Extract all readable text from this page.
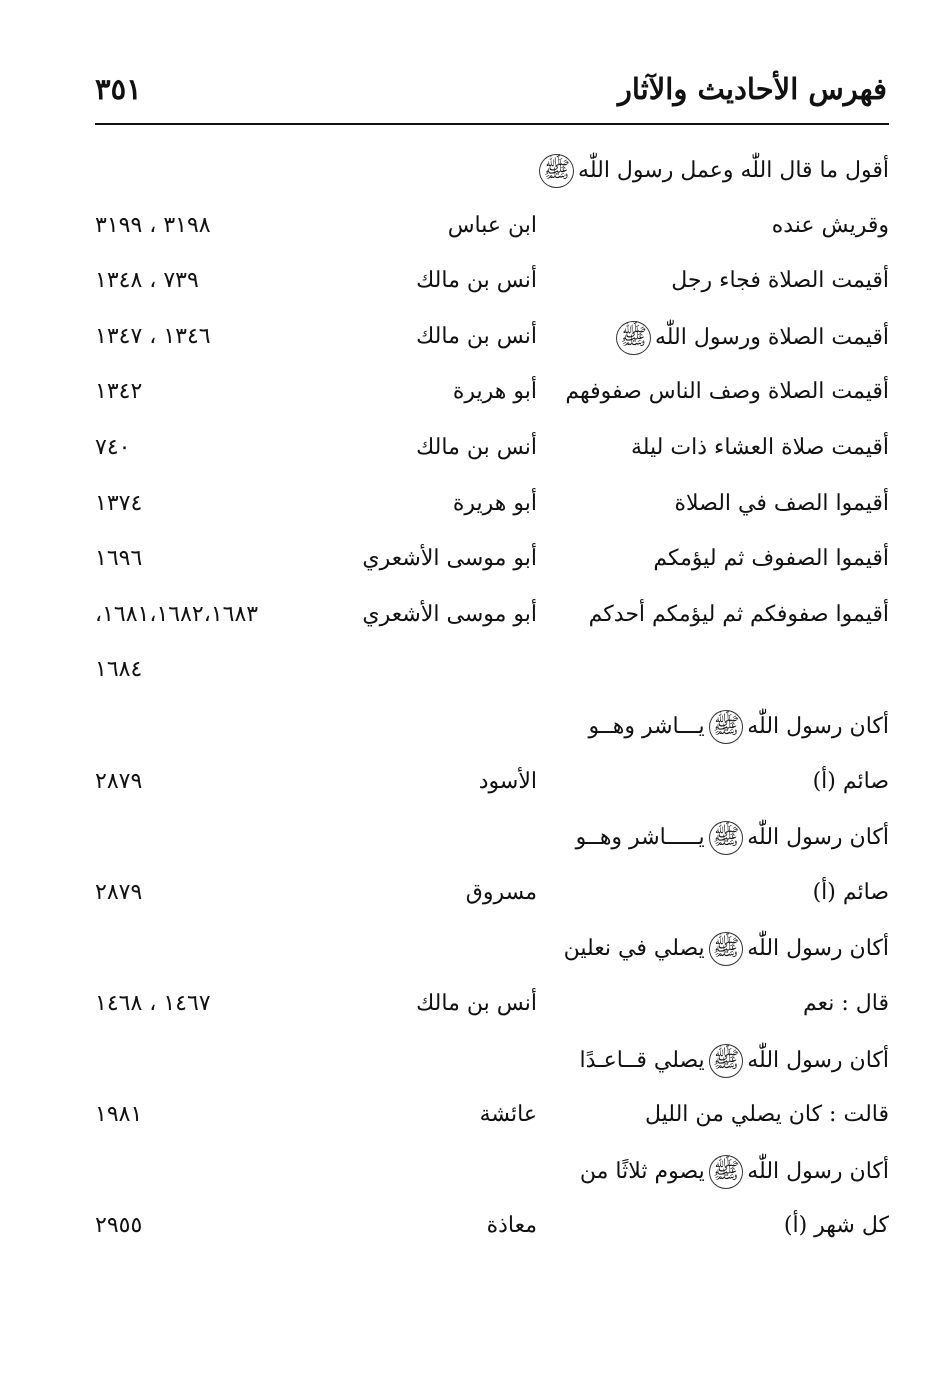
فهرس الأحاديث والآثار
٣٥١
أقول ما قال اللّٰه وعمل رسول اللّٰهﷺ
وقريش عنده
ابن عباس
٣١٩٨ ، ٣١٩٩
أقيمت الصلاة فجاء رجل
أنس بن مالك
٧٣٩ ، ١٣٤٨
أقيمت الصلاة ورسول اللّٰهﷺ
أنس بن مالك
١٣٤٦ ، ١٣٤٧
أقيمت الصلاة وصف الناس صفوفهم
أبو هريرة
١٣٤٢
أقيمت صلاة العشاء ذات ليلة
أنس بن مالك
٧٤٠
أقيموا الصف في الصلاة
أبو هريرة
١٣٧٤
أقيموا الصفوف ثم ليؤمكم
أبو موسى الأشعري
١٦٩٦
أقيموا صفوفكم ثم ليؤمكم أحدكم
أبو موسى الأشعري
١٦٨١،١٦٨٢،١٦٨٣،
١٦٨٤
أكان رسول اللّٰهﷺيـــاشر وهــو
صائم (أ)
الأسود
٢٨٧٩
أكان رسول اللّٰهﷺيـــــاشر وهــو
صائم (أ)
مسروق
٢٨٧٩
أكان رسول اللّٰهﷺيصلي في نعلين
قال : نعم
أنس بن مالك
١٤٦٧ ، ١٤٦٨
أكان رسول اللّٰهﷺيصلي قــاعـدًا
قالت : كان يصلي من الليل
عائشة
١٩٨١
أكان رسول اللّٰهﷺيصوم ثلاثًا من
كل شهر (أ)
معاذة
٢٩٥٥
